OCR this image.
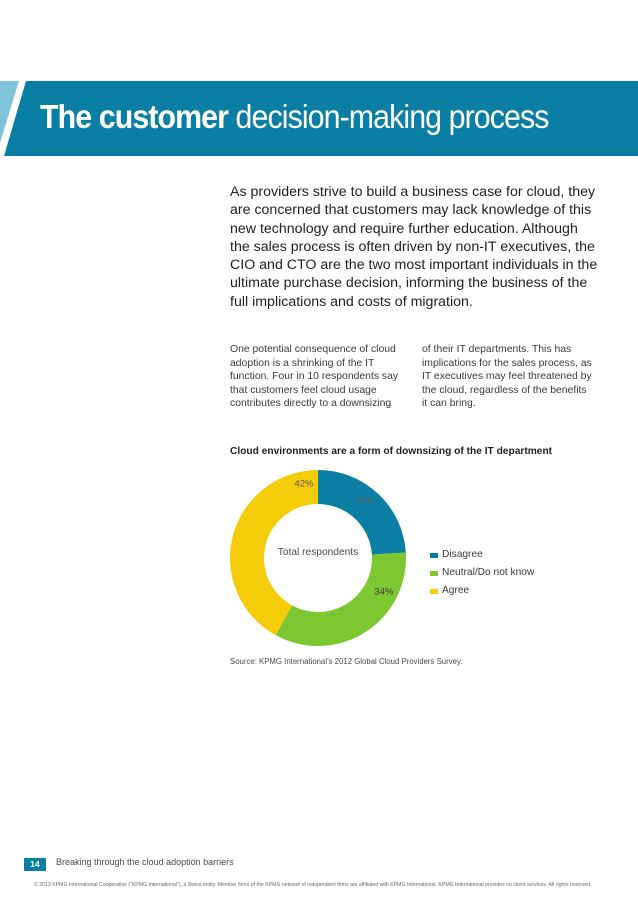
The customer decision-making process
As providers strive to build a business case for cloud, they are concerned that customers may lack knowledge of this new technology and require further education. Although the sales process is often driven by non-IT executives, the CIO and CTO are the two most important individuals in the ultimate purchase decision, informing the business of the full implications and costs of migration.
One potential consequence of cloud adoption is a shrinking of the IT function. Four in 10 respondents say that customers feel cloud usage contributes directly to a downsizing
of their IT departments. This has implications for the sales process, as IT executives may feel threatened by the cloud, regardless of the benefits it can bring.
Cloud environments are a form of downsizing of the IT department
24%
34%
42%
Total respondents	Disagree
Neutral/Do not know
Agree
Source: KPMG International’s 2012 Global Cloud Providers Survey.
14	Breaking through the cloud adoption barriers
© 2013 KPMG International Cooperative (“KPMG International”), a Swiss entity. Member firms of the KPMG network of independent firms are affiliated with KPMG International. KPMG International provides no client services. All rights reserved.
